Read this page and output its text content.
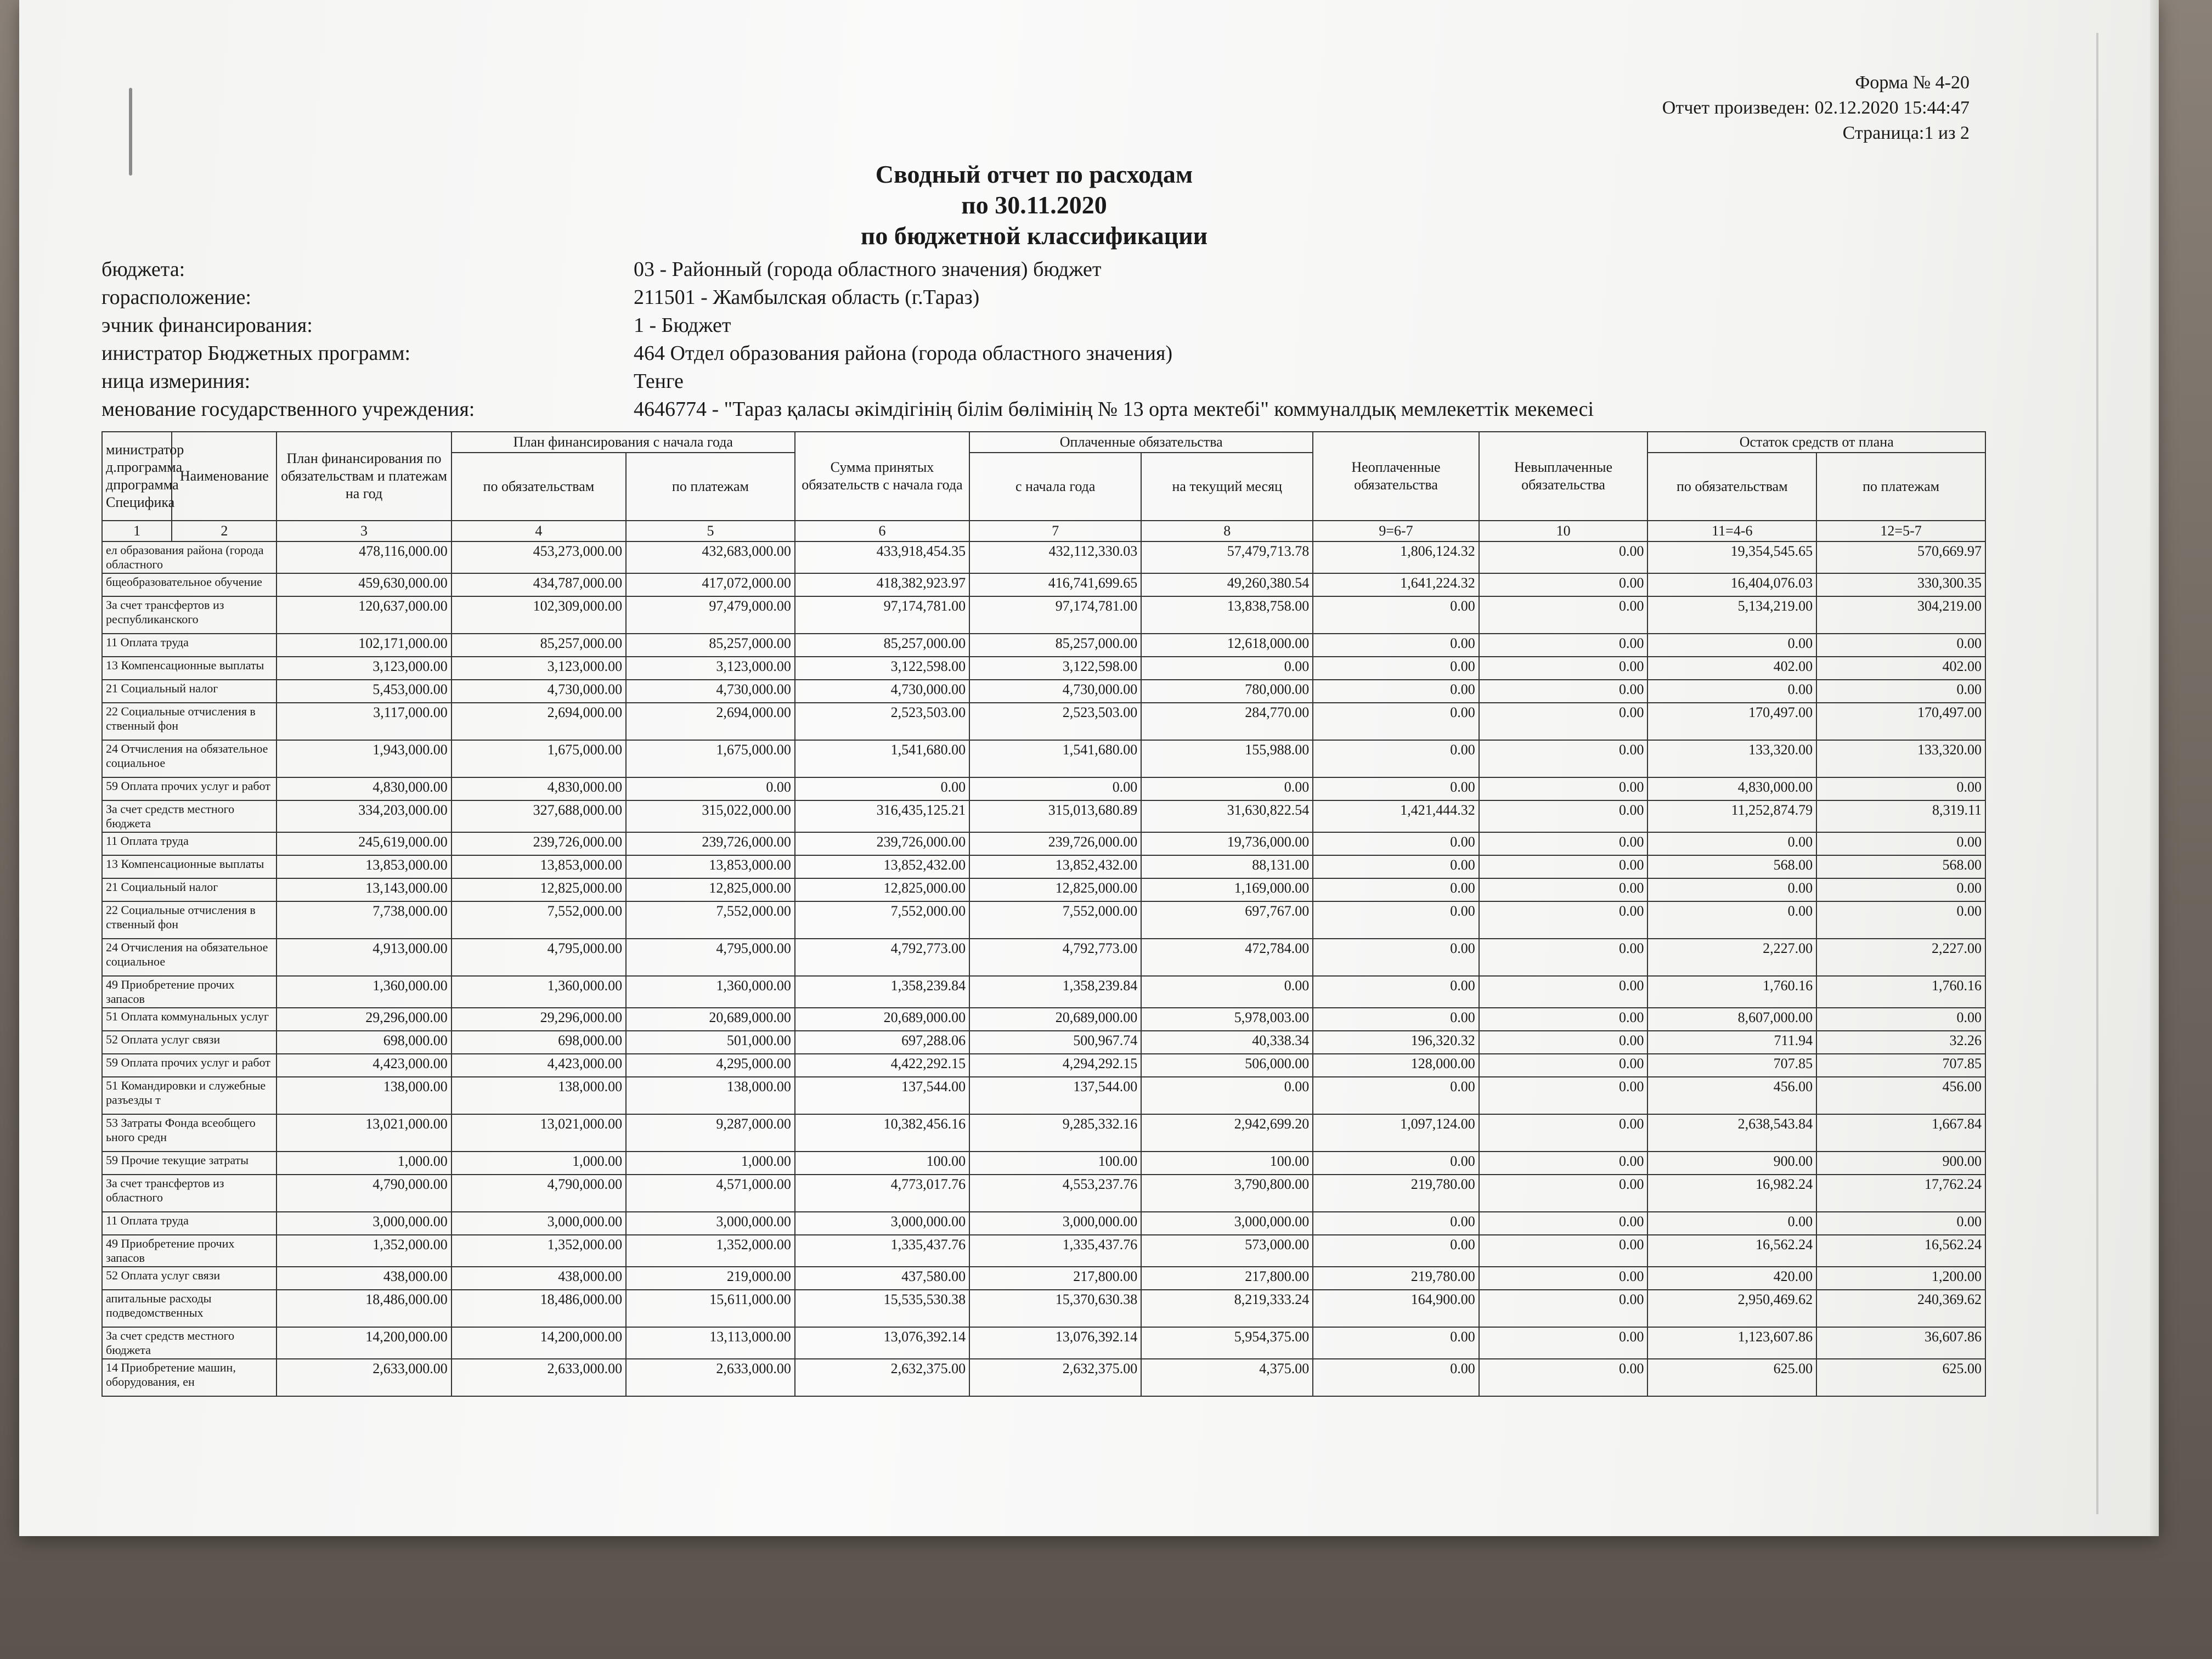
Форма № 4-20
Отчет произведен: 02.12.2020 15:44:47
Страница:1 из 2
Сводный отчет по расходам
по 30.11.2020
по бюджетной классификации
бюджета:	03 - Районный (города областного значения) бюджет
горасположение:	211501 - Жамбылская область (г.Тараз)
эчник финансирования:	1 - Бюджет
инистратор Бюджетных программ:	464 Отдел образования района (города областного значения)
ница измериния:	Тенге
менование государственного учреждения:	4646774 - "Тараз қаласы әкімдігінің білім бөлімінің № 13 орта мектебі" коммуналдық мемлекеттік мекемесі
министратор д.программа дпрограмма Специфика	Наименование	План финансирования по обязательствам и платежам на год	План финансирования с начала года		Сумма принятых обязательств с начала года	Оплаченные обязательства		Неоплаченные обязательства	Невыплаченные обязательства	Остаток средств от плана	
			по обязательствам	по платежам		с начала года	на текущий месяц			по обязательствам	по платежам
1	2	3	4	5	6	7	8	9=6-7	10	11=4-6	12=5-7
ел образования района (города областного		478,116,000.00	453,273,000.00	432,683,000.00	433,918,454.35	432,112,330.03	57,479,713.78	1,806,124.32	0.00	19,354,545.65	570,669.97
бщеобразовательное обучение		459,630,000.00	434,787,000.00	417,072,000.00	418,382,923.97	416,741,699.65	49,260,380.54	1,641,224.32	0.00	16,404,076.03	330,300.35
За счет трансфертов из республиканского		120,637,000.00	102,309,000.00	97,479,000.00	97,174,781.00	97,174,781.00	13,838,758.00	0.00	0.00	5,134,219.00	304,219.00
11 Оплата труда		102,171,000.00	85,257,000.00	85,257,000.00	85,257,000.00	85,257,000.00	12,618,000.00	0.00	0.00	0.00	0.00
13 Компенсационные выплаты		3,123,000.00	3,123,000.00	3,123,000.00	3,122,598.00	3,122,598.00	0.00	0.00	0.00	402.00	402.00
21 Социальный налог		5,453,000.00	4,730,000.00	4,730,000.00	4,730,000.00	4,730,000.00	780,000.00	0.00	0.00	0.00	0.00
22 Социальные отчисления в ственный фон		3,117,000.00	2,694,000.00	2,694,000.00	2,523,503.00	2,523,503.00	284,770.00	0.00	0.00	170,497.00	170,497.00
24 Отчисления на обязательное социальное		1,943,000.00	1,675,000.00	1,675,000.00	1,541,680.00	1,541,680.00	155,988.00	0.00	0.00	133,320.00	133,320.00
59 Оплата прочих услуг и работ		4,830,000.00	4,830,000.00	0.00	0.00	0.00	0.00	0.00	0.00	4,830,000.00	0.00
За счет средств местного бюджета		334,203,000.00	327,688,000.00	315,022,000.00	316,435,125.21	315,013,680.89	31,630,822.54	1,421,444.32	0.00	11,252,874.79	8,319.11
11 Оплата труда		245,619,000.00	239,726,000.00	239,726,000.00	239,726,000.00	239,726,000.00	19,736,000.00	0.00	0.00	0.00	0.00
13 Компенсационные выплаты		13,853,000.00	13,853,000.00	13,853,000.00	13,852,432.00	13,852,432.00	88,131.00	0.00	0.00	568.00	568.00
21 Социальный налог		13,143,000.00	12,825,000.00	12,825,000.00	12,825,000.00	12,825,000.00	1,169,000.00	0.00	0.00	0.00	0.00
22 Социальные отчисления в ственный фон		7,738,000.00	7,552,000.00	7,552,000.00	7,552,000.00	7,552,000.00	697,767.00	0.00	0.00	0.00	0.00
24 Отчисления на обязательное социальное		4,913,000.00	4,795,000.00	4,795,000.00	4,792,773.00	4,792,773.00	472,784.00	0.00	0.00	2,227.00	2,227.00
49 Приобретение прочих запасов		1,360,000.00	1,360,000.00	1,360,000.00	1,358,239.84	1,358,239.84	0.00	0.00	0.00	1,760.16	1,760.16
51 Оплата коммунальных услуг		29,296,000.00	29,296,000.00	20,689,000.00	20,689,000.00	20,689,000.00	5,978,003.00	0.00	0.00	8,607,000.00	0.00
52 Оплата услуг связи		698,000.00	698,000.00	501,000.00	697,288.06	500,967.74	40,338.34	196,320.32	0.00	711.94	32.26
59 Оплата прочих услуг и работ		4,423,000.00	4,423,000.00	4,295,000.00	4,422,292.15	4,294,292.15	506,000.00	128,000.00	0.00	707.85	707.85
51 Командировки и служебные разъезды т		138,000.00	138,000.00	138,000.00	137,544.00	137,544.00	0.00	0.00	0.00	456.00	456.00
53 Затраты Фонда всеобщего ьного средн		13,021,000.00	13,021,000.00	9,287,000.00	10,382,456.16	9,285,332.16	2,942,699.20	1,097,124.00	0.00	2,638,543.84	1,667.84
59 Прочие текущие затраты		1,000.00	1,000.00	1,000.00	100.00	100.00	100.00	0.00	0.00	900.00	900.00
За счет трансфертов из областного		4,790,000.00	4,790,000.00	4,571,000.00	4,773,017.76	4,553,237.76	3,790,800.00	219,780.00	0.00	16,982.24	17,762.24
11 Оплата труда		3,000,000.00	3,000,000.00	3,000,000.00	3,000,000.00	3,000,000.00	3,000,000.00	0.00	0.00	0.00	0.00
49 Приобретение прочих запасов		1,352,000.00	1,352,000.00	1,352,000.00	1,335,437.76	1,335,437.76	573,000.00	0.00	0.00	16,562.24	16,562.24
52 Оплата услуг связи		438,000.00	438,000.00	219,000.00	437,580.00	217,800.00	217,800.00	219,780.00	0.00	420.00	1,200.00
апитальные расходы подведомственных		18,486,000.00	18,486,000.00	15,611,000.00	15,535,530.38	15,370,630.38	8,219,333.24	164,900.00	0.00	2,950,469.62	240,369.62
За счет средств местного бюджета		14,200,000.00	14,200,000.00	13,113,000.00	13,076,392.14	13,076,392.14	5,954,375.00	0.00	0.00	1,123,607.86	36,607.86
14 Приобретение машин, оборудования, ен		2,633,000.00	2,633,000.00	2,633,000.00	2,632,375.00	2,632,375.00	4,375.00	0.00	0.00	625.00	625.00
